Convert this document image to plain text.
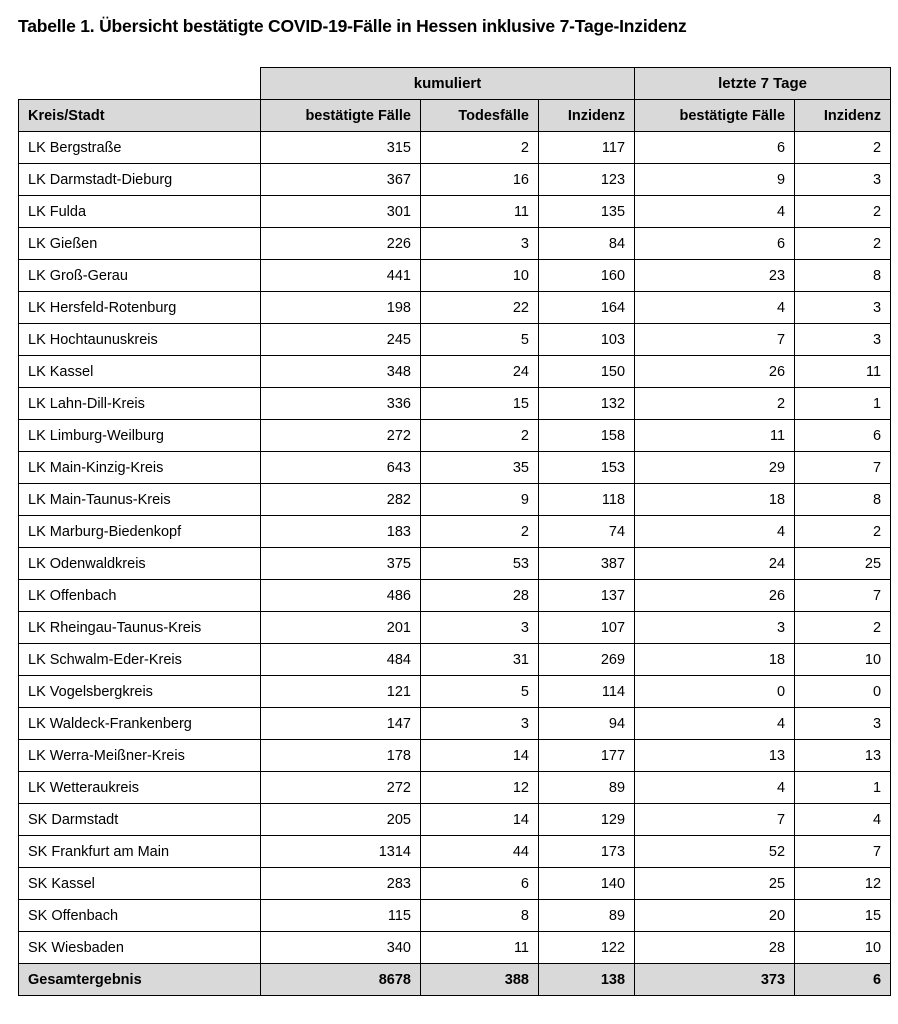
Tabelle 1. Übersicht bestätigte COVID-19-Fälle in Hessen inklusive 7-Tage-Inzidenz
	kumuliert			letzte 7 Tage	
Kreis/Stadt	bestätigte Fälle	Todesfälle	Inzidenz	bestätigte Fälle	Inzidenz
LK Bergstraße	315	2	117	6	2
LK Darmstadt-Dieburg	367	16	123	9	3
LK Fulda	301	11	135	4	2
LK Gießen	226	3	84	6	2
LK Groß-Gerau	441	10	160	23	8
LK Hersfeld-Rotenburg	198	22	164	4	3
LK Hochtaunuskreis	245	5	103	7	3
LK Kassel	348	24	150	26	11
LK Lahn-Dill-Kreis	336	15	132	2	1
LK Limburg-Weilburg	272	2	158	11	6
LK Main-Kinzig-Kreis	643	35	153	29	7
LK Main-Taunus-Kreis	282	9	118	18	8
LK Marburg-Biedenkopf	183	2	74	4	2
LK Odenwaldkreis	375	53	387	24	25
LK Offenbach	486	28	137	26	7
LK Rheingau-Taunus-Kreis	201	3	107	3	2
LK Schwalm-Eder-Kreis	484	31	269	18	10
LK Vogelsbergkreis	121	5	114	0	0
LK Waldeck-Frankenberg	147	3	94	4	3
LK Werra-Meißner-Kreis	178	14	177	13	13
LK Wetteraukreis	272	12	89	4	1
SK Darmstadt	205	14	129	7	4
SK Frankfurt am Main	1314	44	173	52	7
SK Kassel	283	6	140	25	12
SK Offenbach	115	8	89	20	15
SK Wiesbaden	340	11	122	28	10
Gesamtergebnis	8678	388	138	373	6
